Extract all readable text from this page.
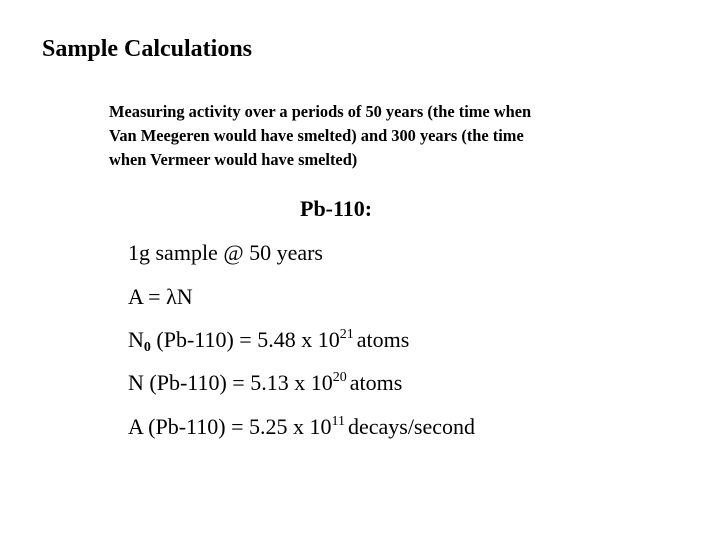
Sample Calculations
Measuring activity over a periods of 50 years (the time when
Van Meegeren would have smelted) and 300 years (the time
when Vermeer would have smelted)
Pb-110:
1g sample @ 50 years
A = λN
$N_0$ (Pb-110) = 5.48 x $10^{21}$ atoms
N (Pb-110) = 5.13 x $10^{20}$ atoms
A (Pb-110) = 5.25 x $10^{11}$ decays/second
